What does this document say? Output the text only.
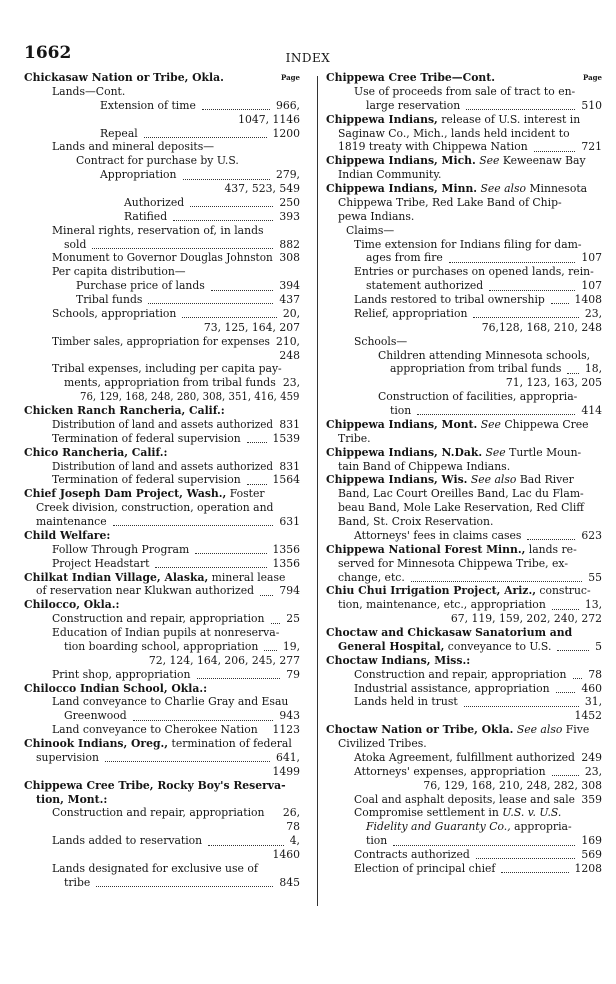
1662	INDEX
Chickasaw Nation or Tribe, Okla.	Page
Lands—Cont.
Extension of time	966,
1047, 1146
Repeal	1200
Lands and mineral deposits—
Contract for purchase by U.S.
Appropriation	279,
437, 523, 549
Authorized	250
Ratified	393
Mineral rights, reservation of, in lands
sold	882
Monument to Governor Douglas Johnston 308
Per capita distribution—
Purchase price of lands	394
Tribal funds	437
Schools, appropriation	20,
73, 125, 164, 207
Timber sales, appropriation for expenses 210,
248
Tribal expenses, including per capita pay-
ments, appropriation from tribal funds 23,
76, 129, 168, 248, 280, 308, 351, 416, 459
Chicken Ranch Rancheria, Calif.:
Distribution of land and assets authorized 831
Termination of federal supervision	1539
Chico Rancheria, Calif.:
Distribution of land and assets authorized 831
Termination of federal supervision	1564
Chief Joseph Dam Project, Wash., Foster
Creek division, construction, operation and
maintenance	631
Child Welfare:
Follow Through Program	1356
Project Headstart	1356
Chilkat Indian Village, Alaska, mineral lease
of reservation near Klukwan authorized 794
Chilocco, Okla.:
Construction and repair, appropriation 25
Education of Indian pupils at nonreserva-
tion boarding school, appropriation 19,
72, 124, 164, 206, 245, 277
Print shop, appropriation	79
Chilocco Indian School, Okla.:
Land conveyance to Charlie Gray and Esau
Greenwood	943
Land conveyance to Cherokee Nation 1123
Chinook Indians, Oreg., termination of federal
supervision	641,
1499
Chippewa Cree Tribe, Rocky Boy's Reserva-
tion, Mont.:
Construction and repair, appropriation 26,
78
Lands added to reservation	4,
1460
Lands designated for exclusive use of
tribe	845
Chippewa Cree Tribe—Cont.	Page
Use of proceeds from sale of tract to en-
large reservation	510
Chippewa Indians, release of U.S. interest in
Saginaw Co., Mich., lands held incident to
1819 treaty with Chippewa Nation	721
Chippewa Indians, Mich. See Keweenaw Bay
Indian Community.
Chippewa Indians, Minn. See also Minnesota
Chippewa Tribe, Red Lake Band of Chip-
pewa Indians.
Claims—
Time extension for Indians filing for dam-
ages from fire	107
Entries or purchases on opened lands, rein-
statement authorized	107
Lands restored to tribal ownership	1408
Relief, appropriation	23,
76,128, 168, 210, 248
Schools—
Children attending Minnesota schools,
appropriation from tribal funds 18,
71, 123, 163, 205
Construction of facilities, appropria-
tion	414
Chippewa Indians, Mont. See Chippewa Cree
Tribe.
Chippewa Indians, N.Dak. See Turtle Moun-
tain Band of Chippewa Indians.
Chippewa Indians, Wis. See also Bad River
Band, Lac Court Oreilles Band, Lac du Flam-
beau Band, Mole Lake Reservation, Red Cliff
Band, St. Croix Reservation.
Attorneys' fees in claims cases	623
Chippewa National Forest Minn., lands re-
served for Minnesota Chippewa Tribe, ex-
change, etc.	55
Chiu Chui Irrigation Project, Ariz., construc-
tion, maintenance, etc., appropriation	13,
67, 119, 159, 202, 240, 272
Choctaw and Chickasaw Sanatorium and
General Hospital, conveyance to U.S.	5
Choctaw Indians, Miss.:
Construction and repair, appropriation 78
Industrial assistance, appropriation	460
Lands held in trust	31,
1452
Choctaw Nation or Tribe, Okla. See also Five
Civilized Tribes.
Atoka Agreement, fulfillment authorized 249
Attorneys' expenses, appropriation	23,
76, 129, 168, 210, 248, 282, 308
Coal and asphalt deposits, lease and sale 359
Compromise settlement in U.S. v. U.S.
Fidelity and Guaranty Co., appropria-
tion	169
Contracts authorized	569
Election of principal chief	1208
